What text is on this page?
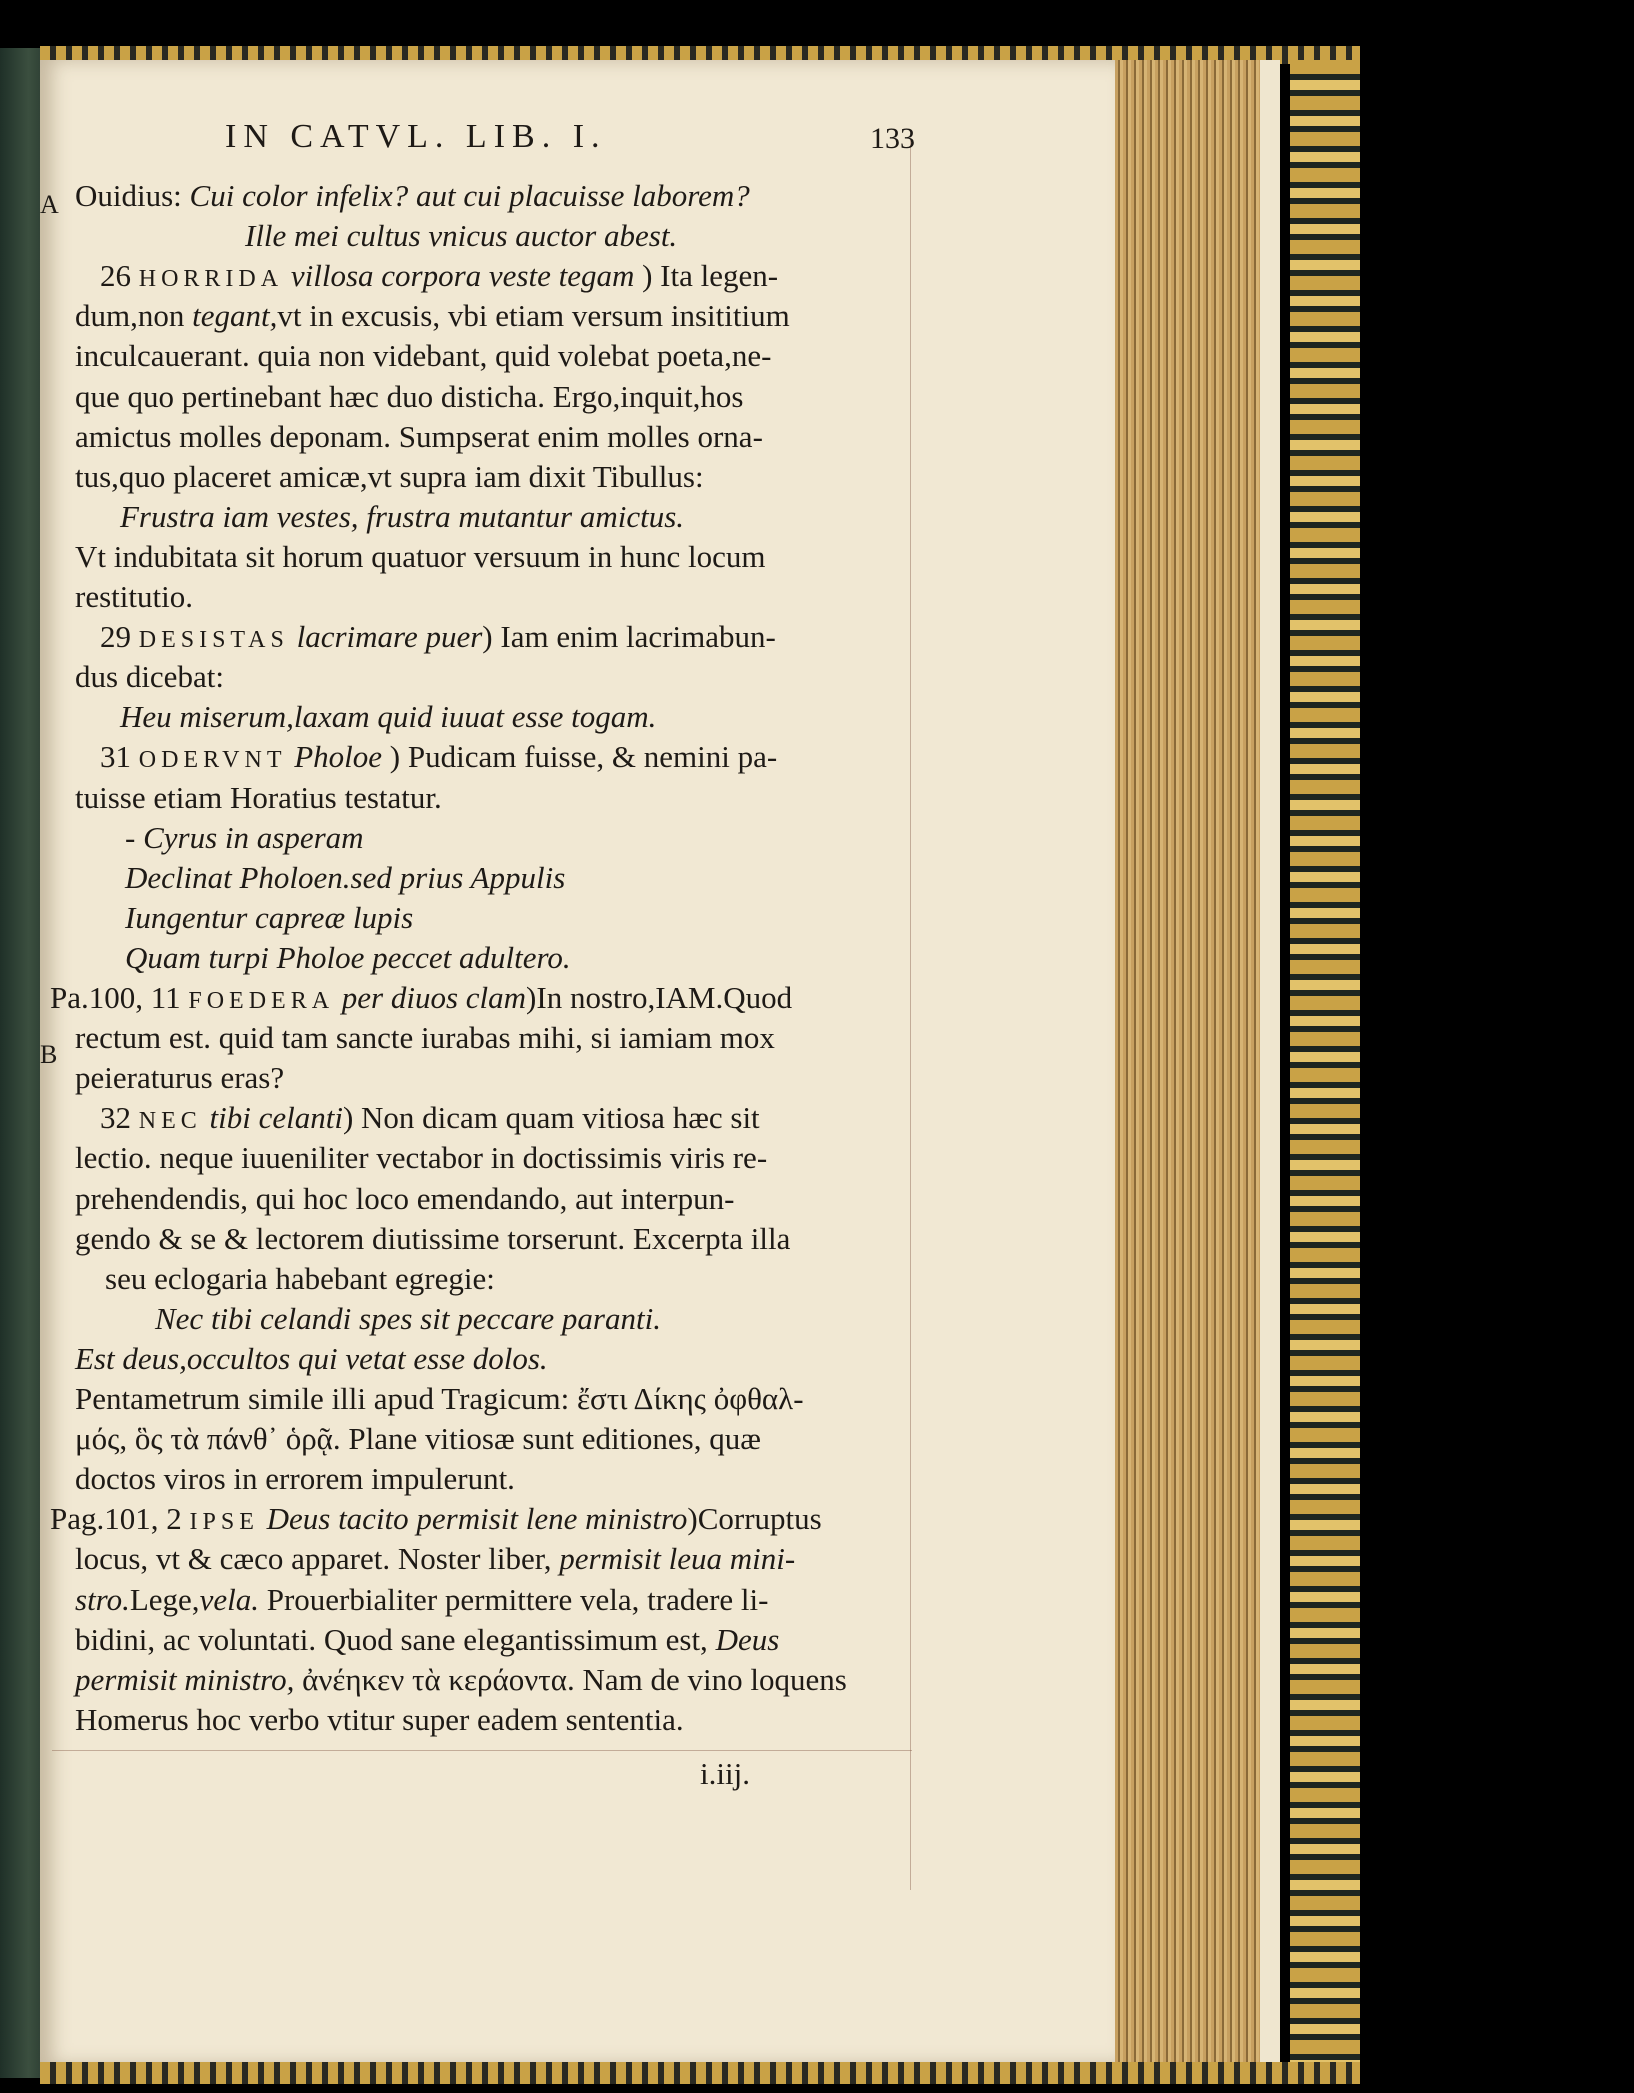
IN CATVL. LIB. I.	133
A
B
Ouidius: Cui color infelix? aut cui placuisse laborem?
Ille mei cultus vnicus auctor abest.
26 HORRIDA villosa corpora veste tegam ) Ita legen-
dum,non tegant,vt in excusis, vbi etiam versum insititium
inculcauerant. quia non videbant, quid volebat poeta,ne-
que quo pertinebant hæc duo disticha. Ergo,inquit,hos
amictus molles deponam. Sumpserat enim molles orna-
tus,quo placeret amicæ,vt supra iam dixit Tibullus:
Frustra iam vestes, frustra mutantur amictus.
Vt indubitata sit horum quatuor versuum in hunc locum
restitutio.
29 DESISTAS lacrimare puer) Iam enim lacrimabun-
dus dicebat:
Heu miserum,laxam quid iuuat esse togam.
31 ODERVNT Pholoe ) Pudicam fuisse, & nemini pa-
tuisse etiam Horatius testatur.
- Cyrus in asperam
Declinat Pholoen.sed prius Appulis
Iungentur capreæ lupis
Quam turpi Pholoe peccet adultero.
Pa.100, 11 FOEDERA per diuos clam)In nostro,IAM.Quod
rectum est. quid tam sancte iurabas mihi, si iamiam mox
peieraturus eras?
32 NEC tibi celanti) Non dicam quam vitiosa hæc sit
lectio. neque iuueniliter vectabor in doctissimis viris re-
prehendendis, qui hoc loco emendando, aut interpun-
gendo & se & lectorem diutissime torserunt. Excerpta illa
seu eclogaria habebant egregie:
Nec tibi celandi spes sit peccare paranti.
Est deus,occultos qui vetat esse dolos.
Pentametrum simile illi apud Tragicum: ἔστι Δίκης ὀφθαλ-
μός, ὃς τὰ πάνθ᾽ ὁρᾷ. Plane vitiosæ sunt editiones, quæ
doctos viros in errorem impulerunt.
Pag.101, 2 IPSE Deus tacito permisit lene ministro)Corruptus
locus, vt & cæco apparet. Noster liber, permisit leua mini-
stro.Lege,vela. Prouerbialiter permittere vela, tradere li-
bidini, ac voluntati. Quod sane elegantissimum est, Deus
permisit ministro, ἀνέηκεν τὰ κεράοντα. Nam de vino loquens
Homerus hoc verbo vtitur super eadem sententia.
i.iij.
